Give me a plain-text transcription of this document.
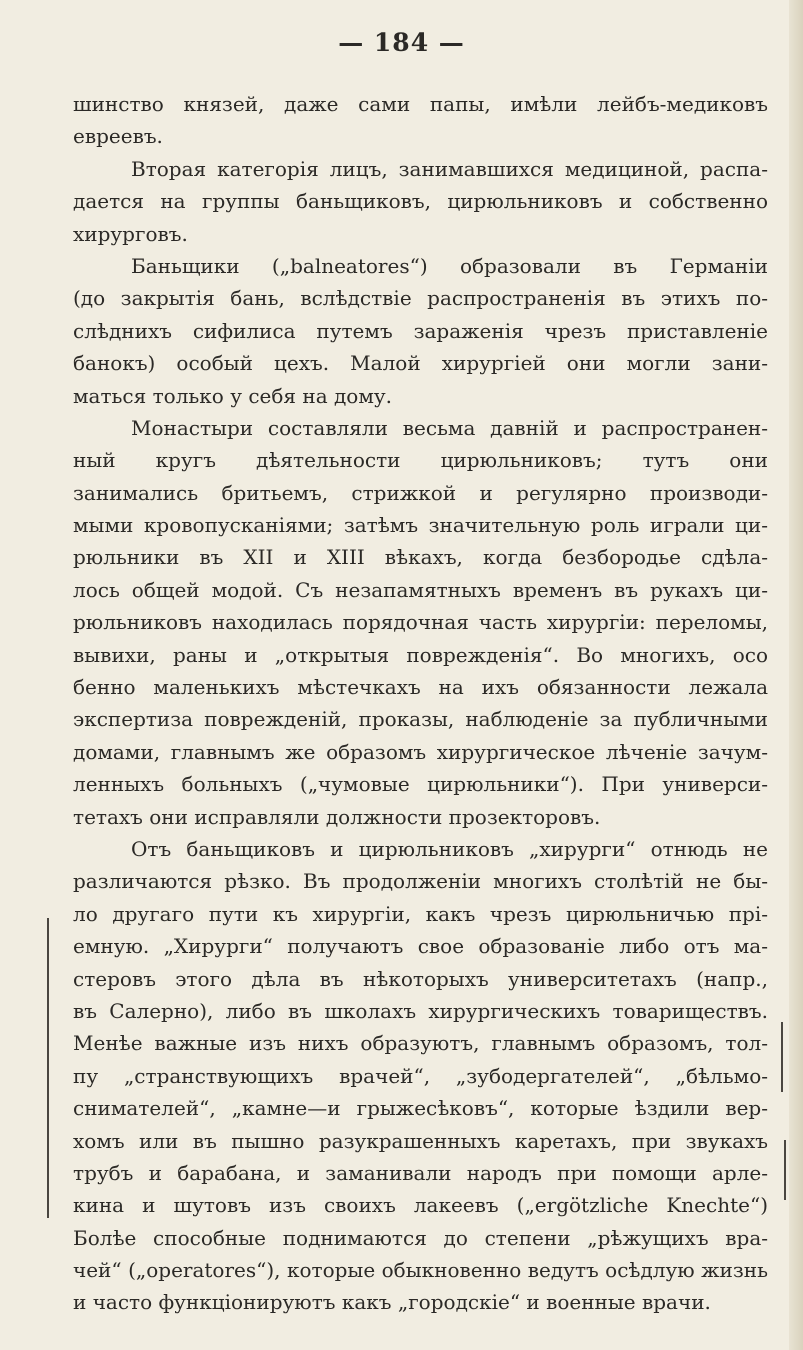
— 184 —
шинство князей, даже сами папы, имѣли лейбъ-медиковъ
евреевъ.
Вторая категорія лицъ, занимавшихся медициной, распа-
дается на группы баньщиковъ, цирюльниковъ и собственно
хирурговъ.
Баньщики („balneatores“) образовали въ Германіи
(до закрытія бань, вслѣдствіе распространенія въ этихъ по-
слѣднихъ сифилиса путемъ зараженія чрезъ приставленіе
банокъ) особый цехъ. Малой хирургіей они могли зани-
маться только у себя на дому.
Монастыри составляли весьма давній и распространен-
ный кругъ дѣятельности цирюльниковъ; тутъ они
занимались бритьемъ, стрижкой и регулярно производи-
мыми кровопусканіями; затѣмъ значительную роль играли ци-
рюльники въ XII и XIII вѣкахъ, когда безбородье сдѣла-
лось общей модой. Съ незапамятныхъ временъ въ рукахъ ци-
рюльниковъ находилась порядочная часть хирургіи: переломы,
вывихи, раны и „открытыя поврежденія“. Во многихъ, осо
бенно маленькихъ мѣстечкахъ на ихъ обязанности лежала
экспертиза поврежденій, проказы, наблюденіе за публичными
домами, главнымъ же образомъ хирургическое лѣченіе зачум-
ленныхъ больныхъ („чумовые цирюльники“). При универси-
тетахъ они исправляли должности прозекторовъ.
Отъ баньщиковъ и цирюльниковъ „хирурги“ отнюдь не
различаются рѣзко. Въ продолженіи многихъ столѣтій не бы-
ло другаго пути къ хирургіи, какъ чрезъ цирюльничью прі-
емную. „Хирурги“ получаютъ свое образованіе либо отъ ма-
стеровъ этого дѣла въ нѣкоторыхъ университетахъ (напр.,
въ Салерно), либо въ школахъ хирургическихъ товариществъ.
Менѣе важные изъ нихъ образуютъ, главнымъ образомъ, тол-
пу „странствующихъ врачей“, „зубодергателей“, „бѣльмо-
снимателей“, „камне—и грыжесѣковъ“, которые ѣздили вер-
хомъ или въ пышно разукрашенныхъ каретахъ, при звукахъ
трубъ и барабана, и заманивали народъ при помощи арле-
кина и шутовъ изъ своихъ лакеевъ („ergötzliche Knechte“)
Болѣе способные поднимаются до степени „рѣжущихъ вра-
чей“ („operatores“), которые обыкновенно ведутъ осѣдлую жизнь
и часто функціонируютъ какъ „городскіе“ и военные врачи.
